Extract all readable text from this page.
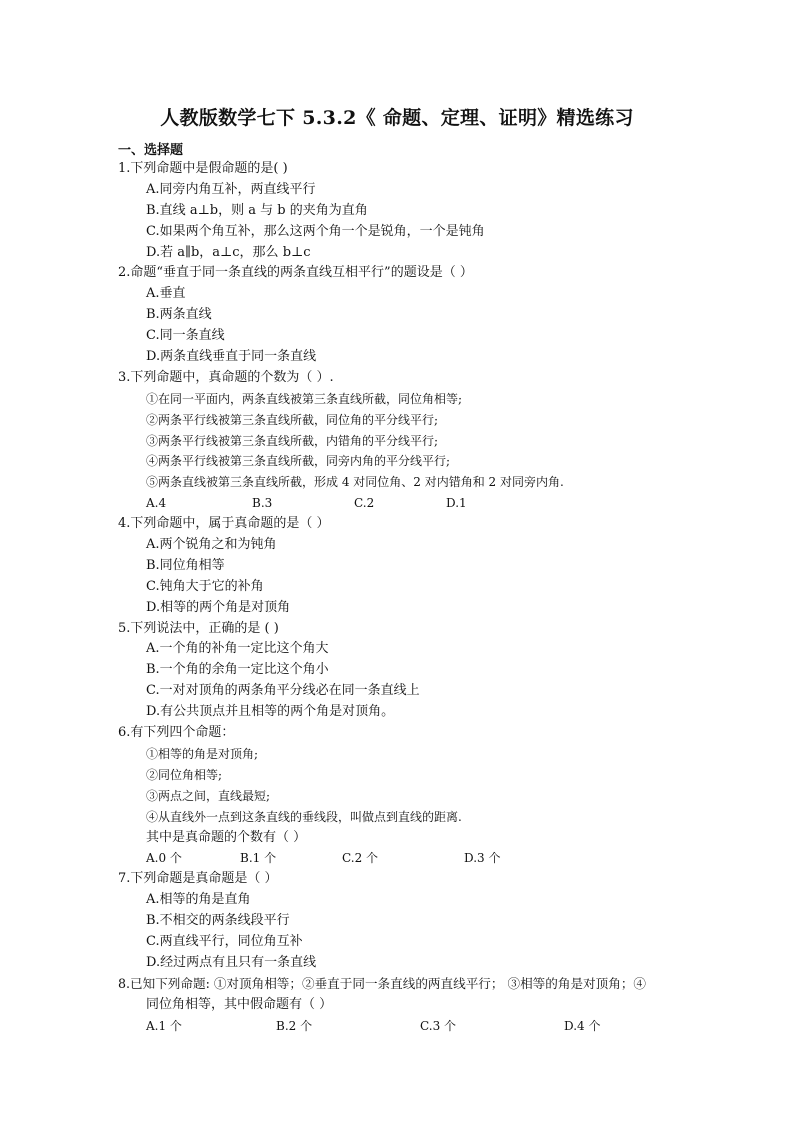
人教版数学七下 5.3.2《 命题、定理、证明》精选练习
一、选择题
1.下列命题中是假命题的是( )
A.同旁内角互补，两直线平行
B.直线 a⊥b，则 a 与 b 的夹角为直角
C.如果两个角互补，那么这两个角一个是锐角，一个是钝角
D.若 a∥b，a⊥c，那么 b⊥c
2.命题“垂直于同一条直线的两条直线互相平行”的题设是（ ）
A.垂直
B.两条直线
C.同一条直线
D.两条直线垂直于同一条直线
3.下列命题中，真命题的个数为（ ）.
①在同一平面内，两条直线被第三条直线所截，同位角相等;
②两条平行线被第三条直线所截，同位角的平分线平行;
③两条平行线被第三条直线所截，内错角的平分线平行;
④两条平行线被第三条直线所截，同旁内角的平分线平行;
⑤两条直线被第三条直线所截，形成 4 对同位角、2 对内错角和 2 对同旁内角.
A.4	B.3	C.2	D.1
4.下列命题中，属于真命题的是（ ）
A.两个锐角之和为钝角
B.同位角相等
C.钝角大于它的补角
D.相等的两个角是对顶角
5.下列说法中，正确的是 ( )
A.一个角的补角一定比这个角大
B.一个角的余角一定比这个角小
C.一对对顶角的两条角平分线必在同一条直线上
D.有公共顶点并且相等的两个角是对顶角。
6.有下列四个命题：
①相等的角是对顶角;
②同位角相等;
③两点之间，直线最短;
④从直线外一点到这条直线的垂线段，叫做点到直线的距离.
其中是真命题的个数有（ ）
A.0 个	B.1 个	C.2 个	D.3 个
7.下列命题是真命题是（ ）
A.相等的角是直角
B.不相交的两条线段平行
C.两直线平行，同位角互补
D.经过两点有且只有一条直线
8.已知下列命题: ①对顶角相等；②垂直于同一条直线的两直线平行； ③相等的角是对顶角；④
同位角相等，其中假命题有（ ）
A.1 个	B.2 个	C.3 个	D.4 个
